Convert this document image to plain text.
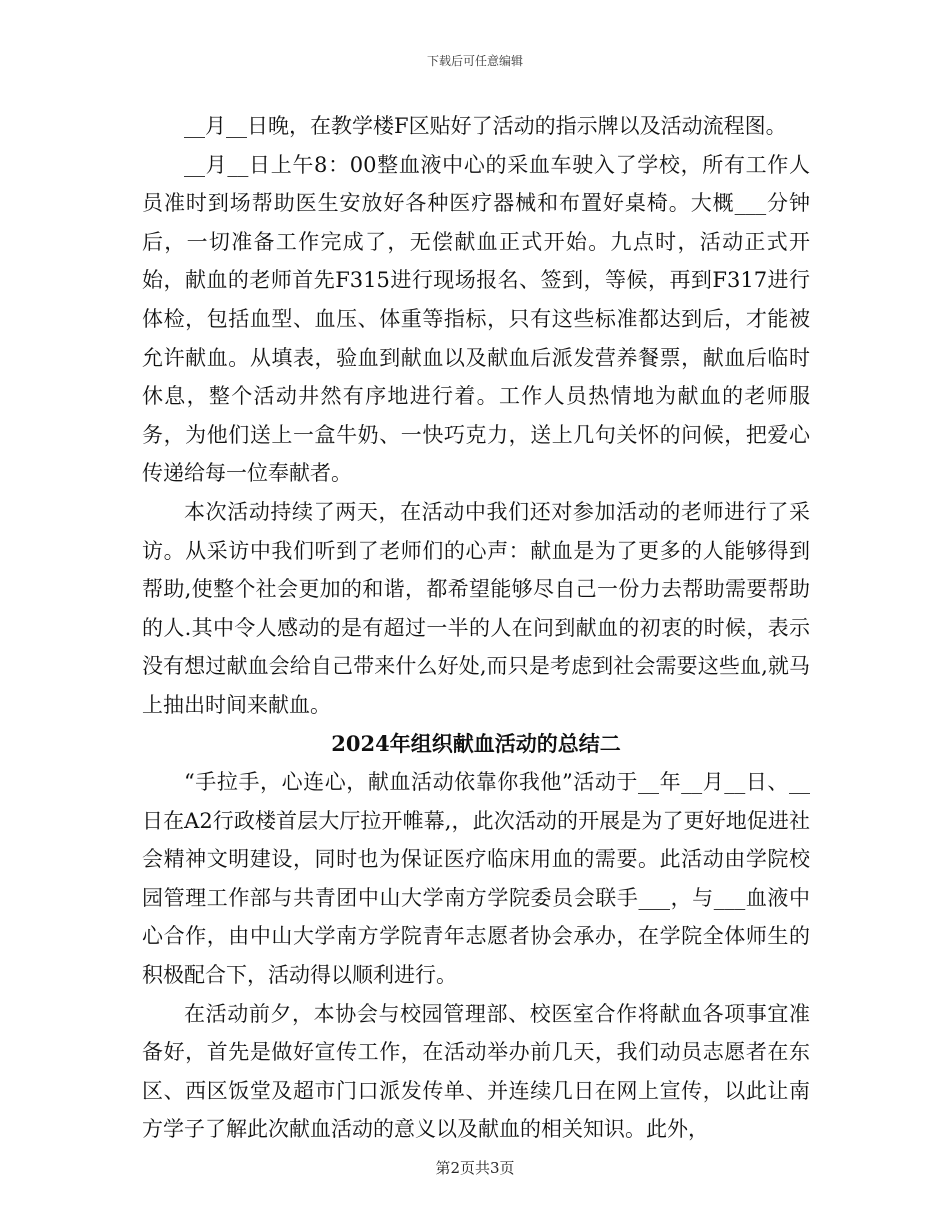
下载后可任意编辑

__月__日晚，在教学楼F区贴好了活动的指示牌以及活动流程图。

__月__日上午8：00整血液中心的采血车驶入了学校，所有工作人员准时到场帮助医生安放好各种医疗器械和布置好桌椅。大概___分钟后，一切准备工作完成了，无偿献血正式开始。九点时，活动正式开始，献血的老师首先F315进行现场报名、签到，等候，再到F317进行体检，包括血型、血压、体重等指标，只有这些标准都达到后，才能被允许献血。从填表，验血到献血以及献血后派发营养餐票，献血后临时休息，整个活动井然有序地进行着。工作人员热情地为献血的老师服务，为他们送上一盒牛奶、一快巧克力，送上几句关怀的问候，把爱心传递给每一位奉献者。

本次活动持续了两天，在活动中我们还对参加活动的老师进行了采访。从采访中我们听到了老师们的心声：献血是为了更多的人能够得到帮助,使整个社会更加的和谐，都希望能够尽自己一份力去帮助需要帮助的人.其中令人感动的是有超过一半的人在问到献血的初衷的时候，表示没有想过献血会给自己带来什么好处,而只是考虑到社会需要这些血,就马上抽出时间来献血。

2024年组织献血活动的总结二

“手拉手，心连心，献血活动依靠你我他”活动于__年__月__日、__日在A2行政楼首层大厅拉开帷幕,，此次活动的开展是为了更好地促进社会精神文明建设，同时也为保证医疗临床用血的需要。此活动由学院校园管理工作部与共青团中山大学南方学院委员会联手___，与___血液中心合作，由中山大学南方学院青年志愿者协会承办，在学院全体师生的积极配合下，活动得以顺利进行。

在活动前夕，本协会与校园管理部、校医室合作将献血各项事宜准备好，首先是做好宣传工作，在活动举办前几天，我们动员志愿者在东区、西区饭堂及超市门口派发传单、并连续几日在网上宣传，以此让南方学子了解此次献血活动的意义以及献血的相关知识。此外，

第2页共3页
